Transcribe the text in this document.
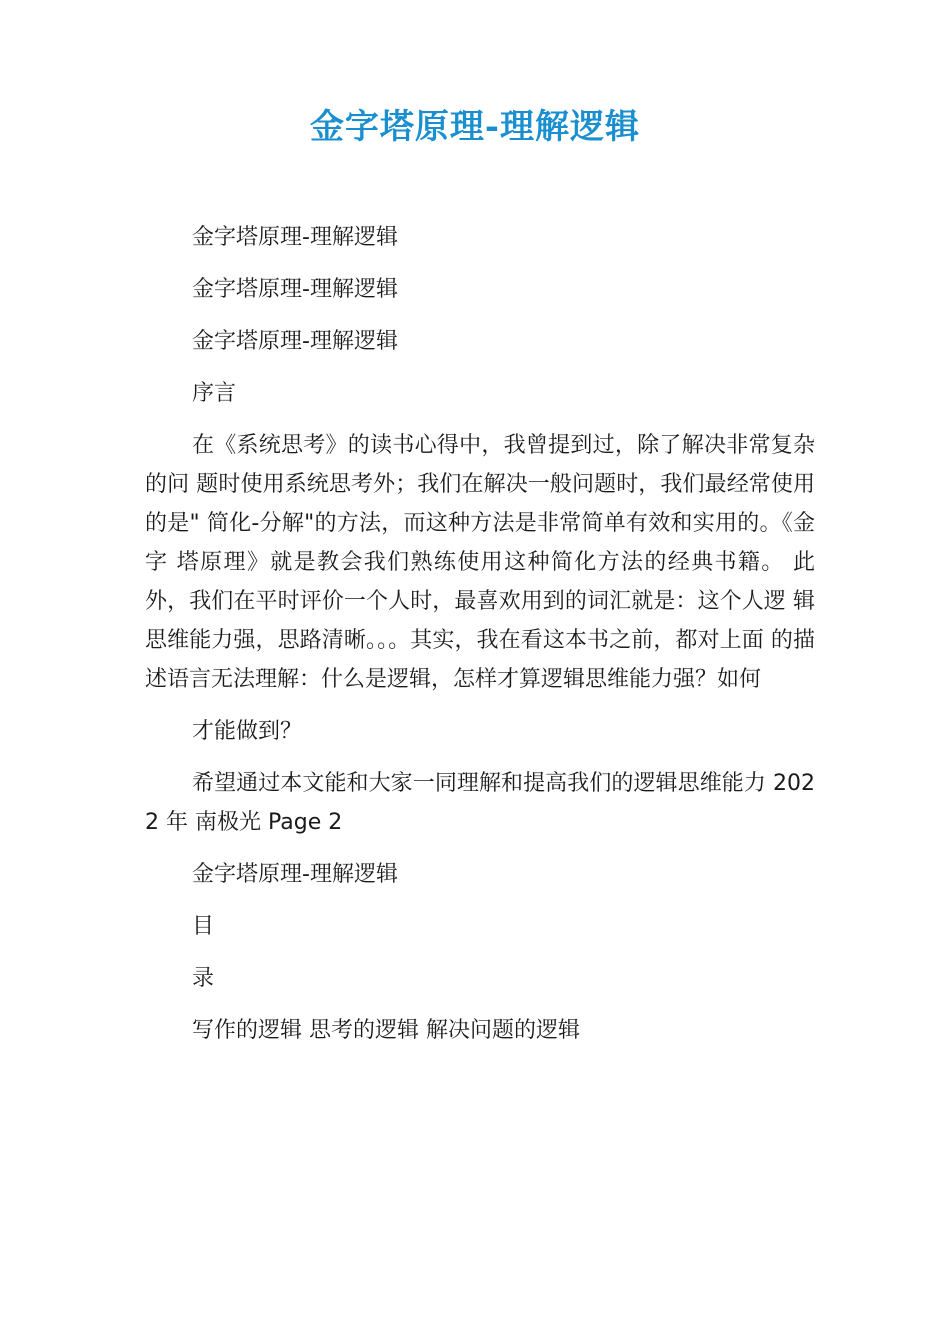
金字塔原理-理解逻辑

金字塔原理-理解逻辑

金字塔原理-理解逻辑

金字塔原理-理解逻辑

序言

在《系统思考》的读书心得中，我曾提到过，除了解决非常复杂的问 题时使用系统思考外；我们在解决一般问题时，我们最经常使用的是" 简化-分解"的方法，而这种方法是非常简单有效和实用的。《金字 塔原理》就是教会我们熟练使用这种简化方法的经典书籍。 此外，我们在平时评价一个人时，最喜欢用到的词汇就是：这个人逻 辑思维能力强，思路清晰。。。其实，我在看这本书之前，都对上面 的描述语言无法理解：什么是逻辑，怎样才算逻辑思维能力强？如何

才能做到？

希望通过本文能和大家一同理解和提高我们的逻辑思维能力 2022 年 南极光 Page 2

金字塔原理-理解逻辑

目

录

写作的逻辑 思考的逻辑 解决问题的逻辑
